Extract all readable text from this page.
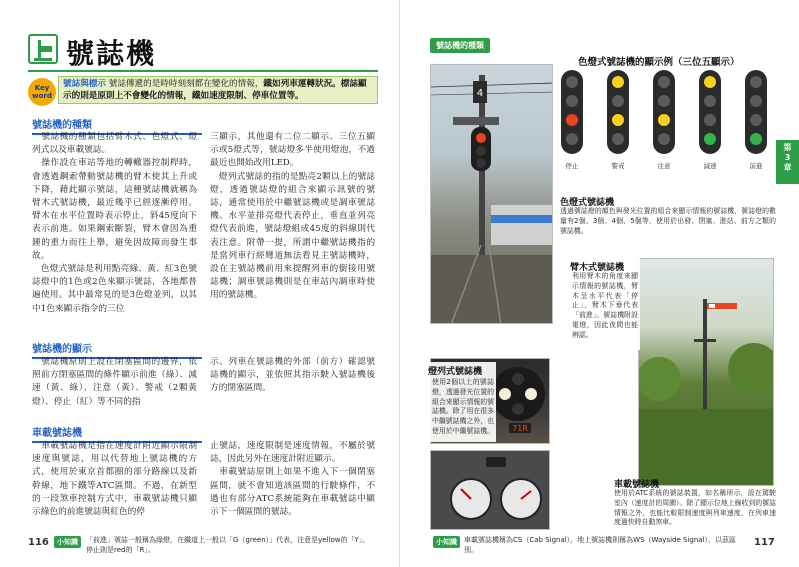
號誌機
Key
word
號誌與標示 號誌傳遞的是時時刻刻都在變化的情報，鐵如列車運轉狀況。標誌顯示的則是原則上不會變化的情報，鐵如速度限制、停車位置等。
號誌機的種類
　號誌機的種類包括臂木式、色燈式、燈列式以及車載號誌。
　操作設在車站等地的轉轍器控制桿時，會透過鋼索帶動號誌機的臂木使其上升或下降，藉此顯示號誌，這種號誌機就稱為臂木式號誌機，最近幾乎已經逐漸停用。臂木在水平位置時表示停止，斜45度向下表示前進。如果鋼索斷裂，臂木會因為重錘的重力而往上舉，避免因故障而發生事故。
　色燈式號誌是利用點亮綠、黃、紅3色號誌燈中的1色或2色來顯示號誌，各地都普遍使用。其中最常見的是3色燈並列，以其中1色來顯示指令的三位
三顯示，其他還有二位二顯示、三位五顯示或5燈式等，號誌燈多半使用燈泡，不過最近也開始改用LED。
　燈列式號誌的指的是點亮2顆以上的號誌燈，透過號誌燈的組合來顯示訊號的號誌，通常使用於中繼號誌機或是調車號誌機。水平並排亮燈代表停止，垂直並列亮燈代表前進，號誌燈組成45度的斜線則代表注意。附帶一提，所謂中繼號誌機指的是當列車行經彎道無法看見主號誌機時，設在主號誌機前用來提醒列車的銜接用號誌機；調車號誌機則是在車站內調車時使用的號誌機。
號誌機的顯示
　號誌機原則上設在閉塞區間的邊界，依照前方閉塞區間的條件顯示前進（綠）、減速（黃、綠）、注意（黃）、警戒（2顆黃燈）、停止（紅）等不同的指
示。列車在號誌機的外部（前方）確認號誌機的顯示，並依照其指示駛入號誌機後方的閉塞區間。
車載號誌機
　車載號誌機是指在速度計附近顯示限制速度與號誌，用以代替地上號誌機的方式，使用於東京首都圈的部分路線以及新幹線，地下鐵等ATC區間。不過，在新型的一段煞車控制方式中，車載號誌機只顯示綠色的前進號誌與紅色的停
止號誌，速度限制是速度情報，不屬於號誌，因此另外在速度計附近顯示。
　車載號誌原則上如果不進入下一個閉塞區間，就不會知道該區間的行駛條件，不過也有部分ATC系統能夠在車載號誌中顯示下一個區間的號誌。
116	小知識	「前進」號誌一般稱為綠燈，在鐵道上一般以「G（green）」代表，注意是yellow的「Y」、停止則是red的「R」。
號誌機的種類
第
3
章
4
色燈式號誌機的顯示例（三位五顯示）
停止	警戒	注意	減速	前進
色燈式號誌機
透過號誌燈的顏色與發光位置的組合來顯示情報的號誌機，號誌燈的數量有2個、3個、4個、5個等，使用於出發、閉塞、進站、前方之類的號誌機。
臂木式號誌機
利用臂木的角度來顯示情報的號誌機，臂木呈水平代表「停止」，臂木下垂代表「前進」。號誌機附設電燈，因此夜間也能辨認。
71R
燈列式號誌機
使用2個以上的號誌燈，透過發光位置的組合來顯示情報的號誌機。除了用在很多中繼號誌機之外，也使用於中繼號誌機。
車載號誌機
使用於ATC系統的號誌裝置，如名稱所示，設在駕駛室內（速度計的周圍）。除了顯示位地上線收到的號誌情報之外，也能比較限制速度與列車速度，在列車速度過快時自動煞車。
小知識	車載號誌機稱為CS（Cab Signal），地上號誌機則稱為WS（Wayside Signal），以茲區別。
117
